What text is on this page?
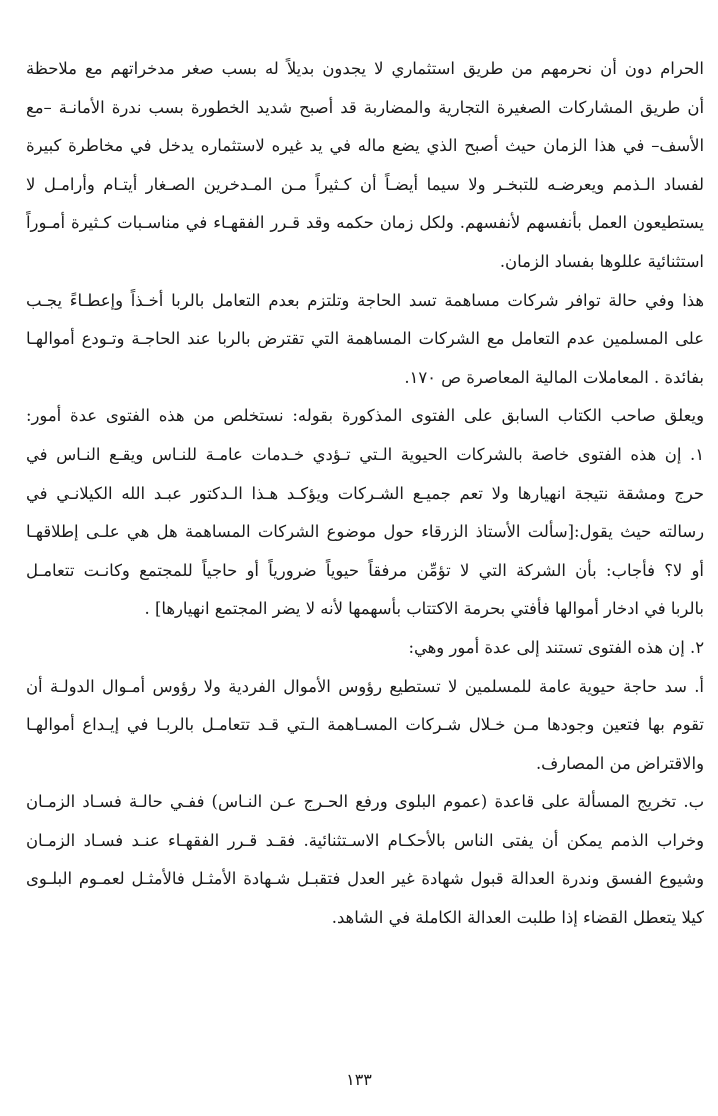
الحرام دون أن نحرمهم من طريق استثماري لا يجدون بديلاً له بسب صغر مدخراتهم مع ملاحظة
أن طريق المشاركات الصغيرة التجارية والمضاربة قد أصبح شديد الخطورة بسب ندرة الأمانـة –مع
الأسف– في هذا الزمان حيث أصبح الذي يضع ماله في يد غيره لاستثماره يدخل في مخاطرة كبيرة
لفساد الـذمم ويعرضـه للتبخـر ولا سيما أيضـاً أن كـثيراً مـن المـدخرين الصـغار أيتـام وأرامـل لا
يستطيعون العمل بأنفسهم لأنفسهم. ولكل زمان حكمه وقد قـرر الفقهـاء في مناسـبات كـثيرة أمـوراً
استثنائية عللوها بفساد الزمان.
هذا وفي حالة توافر شركات مساهمة تسد الحاجة وتلتزم بعدم التعامل بالربا أخـذاً وإعطـاءً يجـب
على المسلمين عدم التعامل مع الشركات المساهمة التي تقترض بالربا عند الحاجـة وتـودع أموالهـا
بفائدة . المعاملات المالية المعاصرة ص ١٧٠.
ويعلق صاحب الكتاب السابق على الفتوى المذكورة بقوله: نستخلص من هذه الفتوى عدة أمور:
١. إن هذه الفتوى خاصة بالشركات الحيوية الـتي تـؤدي خـدمات عامـة للنـاس ويقـع النـاس في
حرج ومشقة نتيجة انهيارها ولا تعم جميـع الشـركات ويؤكـد هـذا الـدكتور عبـد الله الكيلانـي في
رسالته حيث يقول:[سألت الأستاذ الزرقاء حول موضوع الشركات المساهمة هل هي علـى إطلاقهـا
أو لا؟ فأجاب: بأن الشركة التي لا تؤمِّن مرفقاً حيوياً ضرورياً أو حاجياً للمجتمع وكانـت تتعامـل
بالربا في ادخار أموالها فأفتي بحرمة الاكتتاب بأسهمها لأنه لا يضر المجتمع انهيارها] .
٢. إن هذه الفتوى تستند إلى عدة أمور وهي:
أ. سد حاجة حيوية عامة للمسلمين لا تستطيع رؤوس الأموال الفردية ولا رؤوس أمـوال الدولـة أن
تقوم بها فتعين وجودها مـن خـلال شـركات المسـاهمة الـتي قـد تتعامـل بالربـا في إيـداع أموالهـا
والاقتراض من المصارف.
ب. تخريج المسألة على قاعدة (عموم البلوى ورفع الحـرج عـن النـاس) ففـي حالـة فسـاد الزمـان
وخراب الذمم يمكن أن يفتى الناس بالأحكـام الاسـتثنائية. فقـد قـرر الفقهـاء عنـد فسـاد الزمـان
وشيوع الفسق وندرة العدالة قبول شهادة غير العدل فتقبـل شـهادة الأمثـل فالأمثـل لعمـوم البلـوى
كيلا يتعطل القضاء إذا طلبت العدالة الكاملة في الشاهد.
١٣٣
